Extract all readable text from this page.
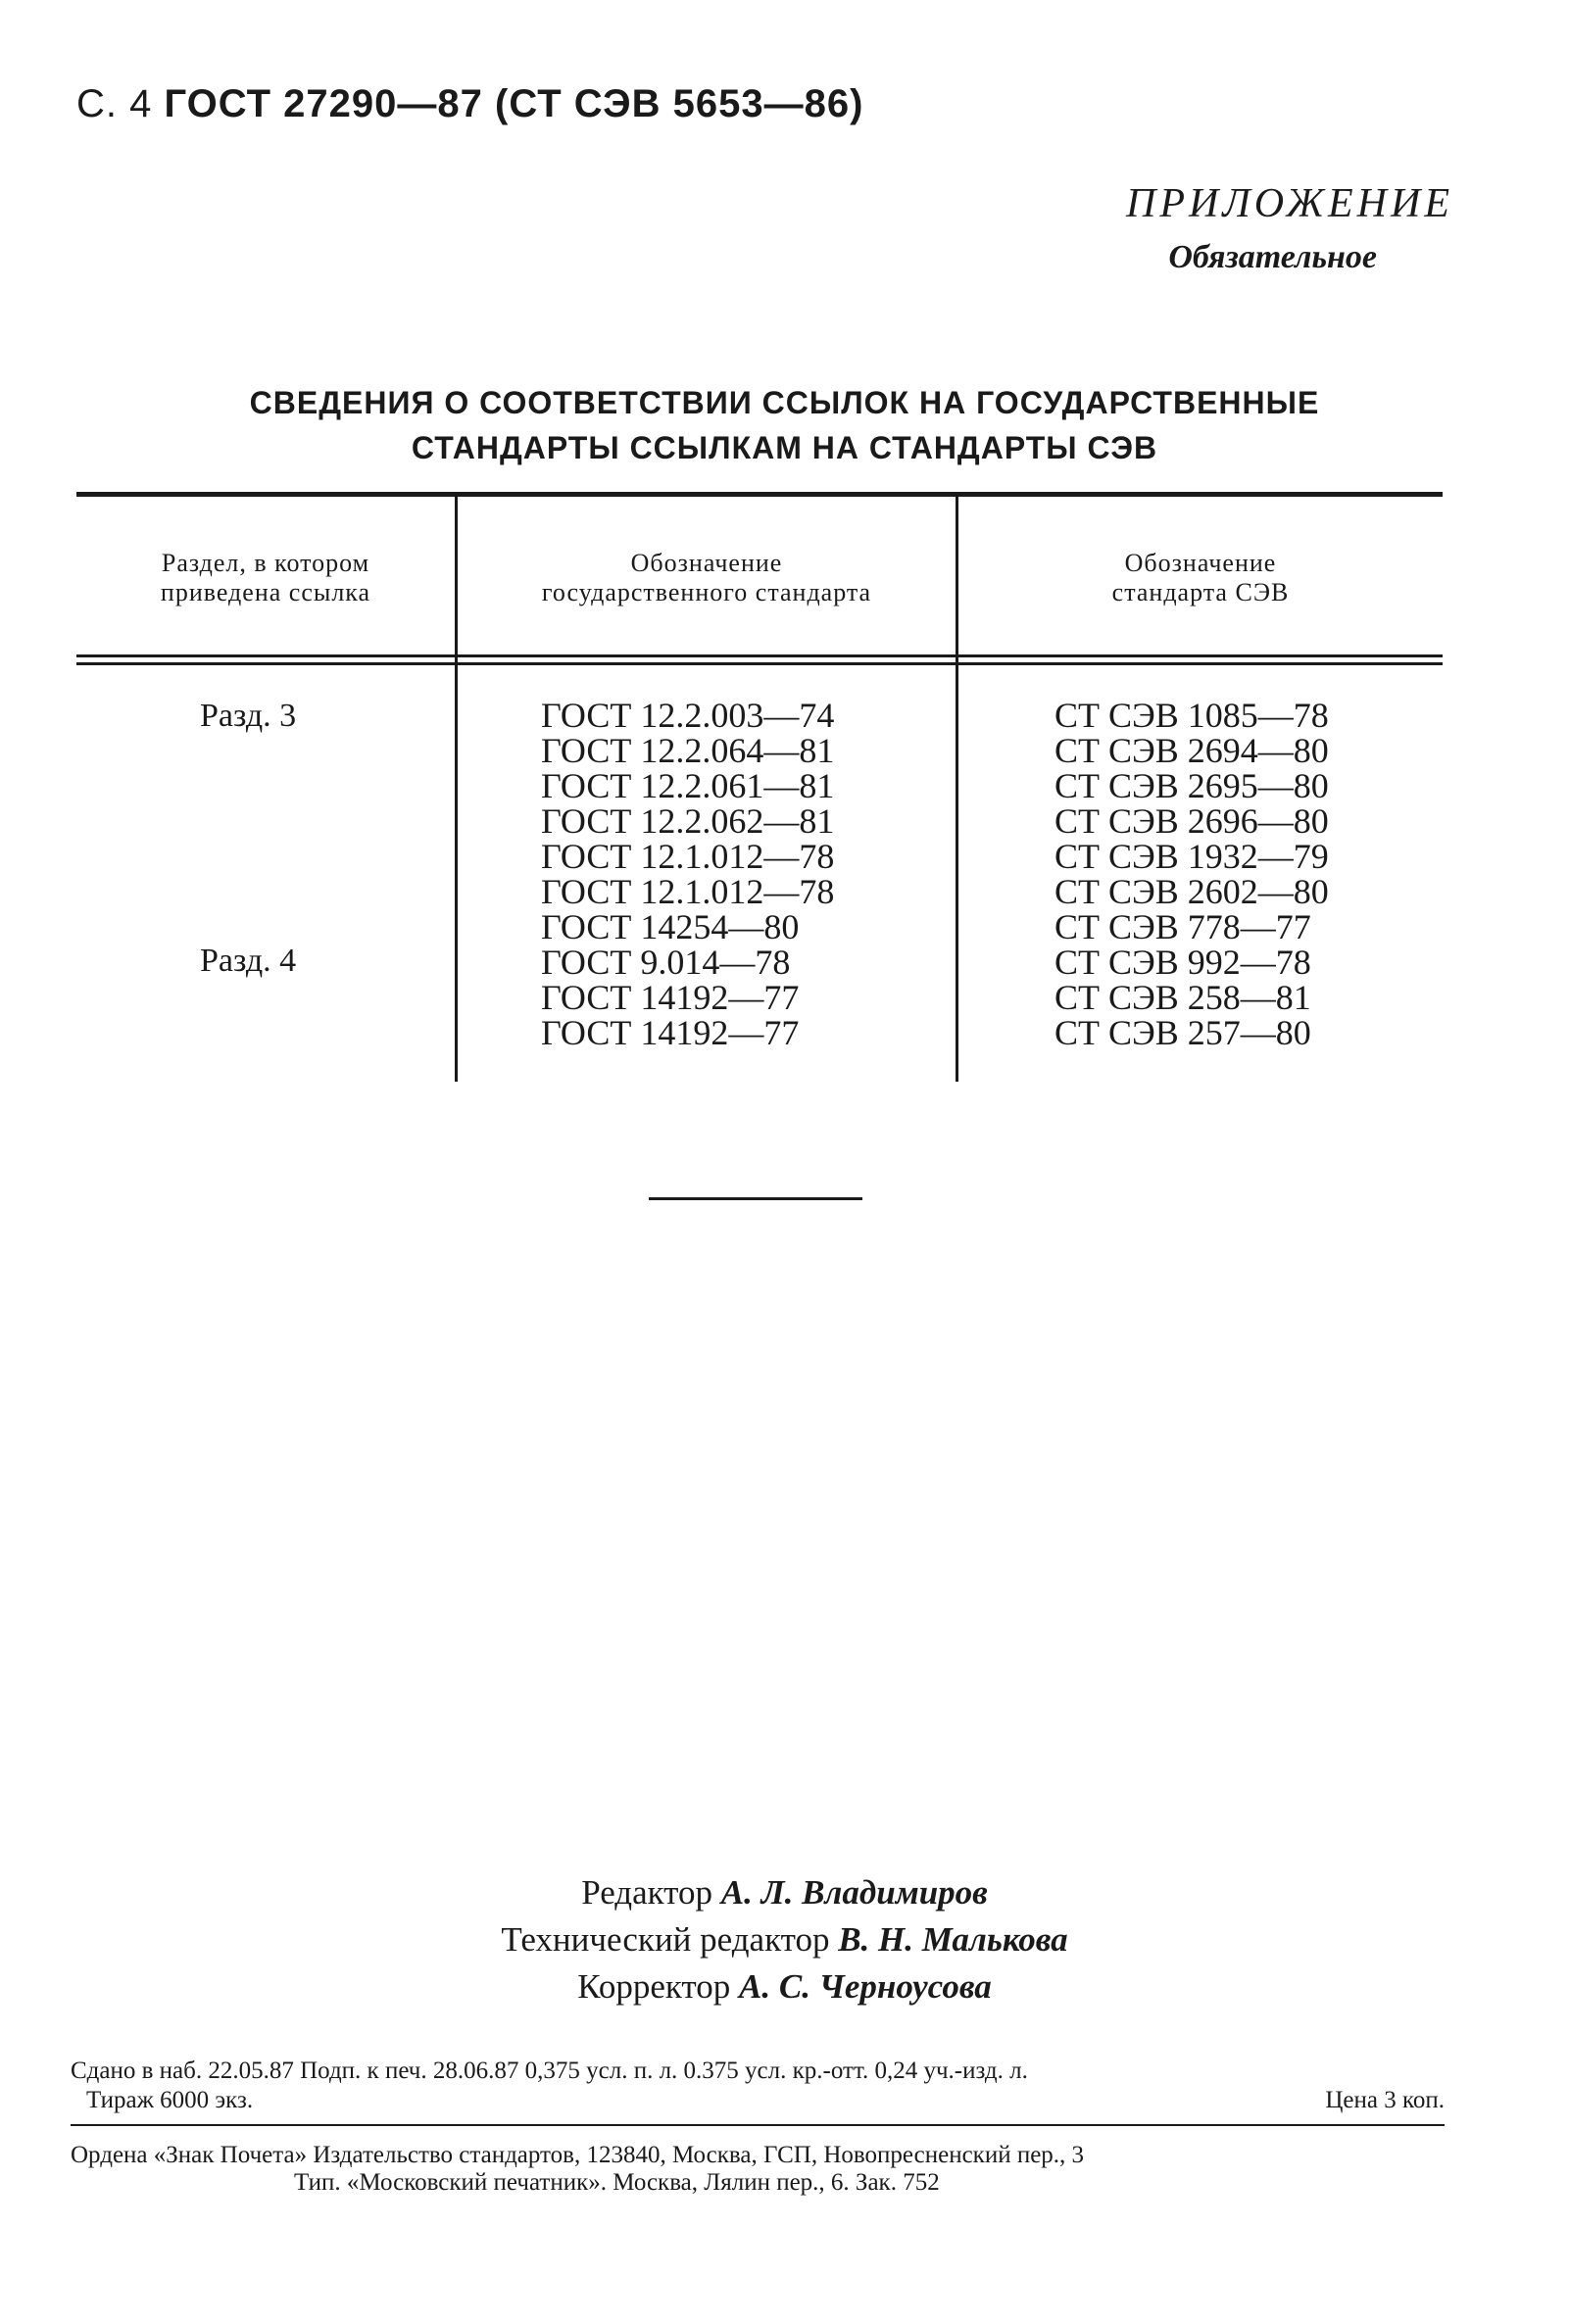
С. 4 ГОСТ 27290—87 (СТ СЭВ 5653—86)
ПРИЛОЖЕНИЕ
Обязательное
СВЕДЕНИЯ О СООТВЕТСТВИИ ССЫЛОК НА ГОСУДАРСТВЕННЫЕ
СТАНДАРТЫ ССЫЛКАМ НА СТАНДАРТЫ СЭВ
Раздел, в котором
приведена ссылка
Обозначение
государственного стандарта
Обозначение
стандарта СЭВ
Разд. 3
Разд. 4
ГОСТ 12.2.003—74
ГОСТ 12.2.064—81
ГОСТ 12.2.061—81
ГОСТ 12.2.062—81
ГОСТ 12.1.012—78
ГОСТ 12.1.012—78
ГОСТ 14254—80
ГОСТ 9.014—78
ГОСТ 14192—77
ГОСТ 14192—77
СТ СЭВ 1085—78
СТ СЭВ 2694—80
СТ СЭВ 2695—80
СТ СЭВ 2696—80
СТ СЭВ 1932—79
СТ СЭВ 2602—80
СТ СЭВ 778—77
СТ СЭВ 992—78
СТ СЭВ 258—81
СТ СЭВ 257—80
Редактор А. Л. Владимиров
Технический редактор В. Н. Малькова
Корректор А. С. Черноусова
Сдано в наб. 22.05.87 Подп. к печ. 28.06.87 0,375 усл. п. л. 0.375 усл. кр.-отт. 0,24 уч.-изд. л.
Тираж 6000 экз.	Цена 3 коп.
Ордена «Знак Почета» Издательство стандартов, 123840, Москва, ГСП, Новопресненский пер., 3
Тип. «Московский печатник». Москва, Лялин пер., 6. Зак. 752
